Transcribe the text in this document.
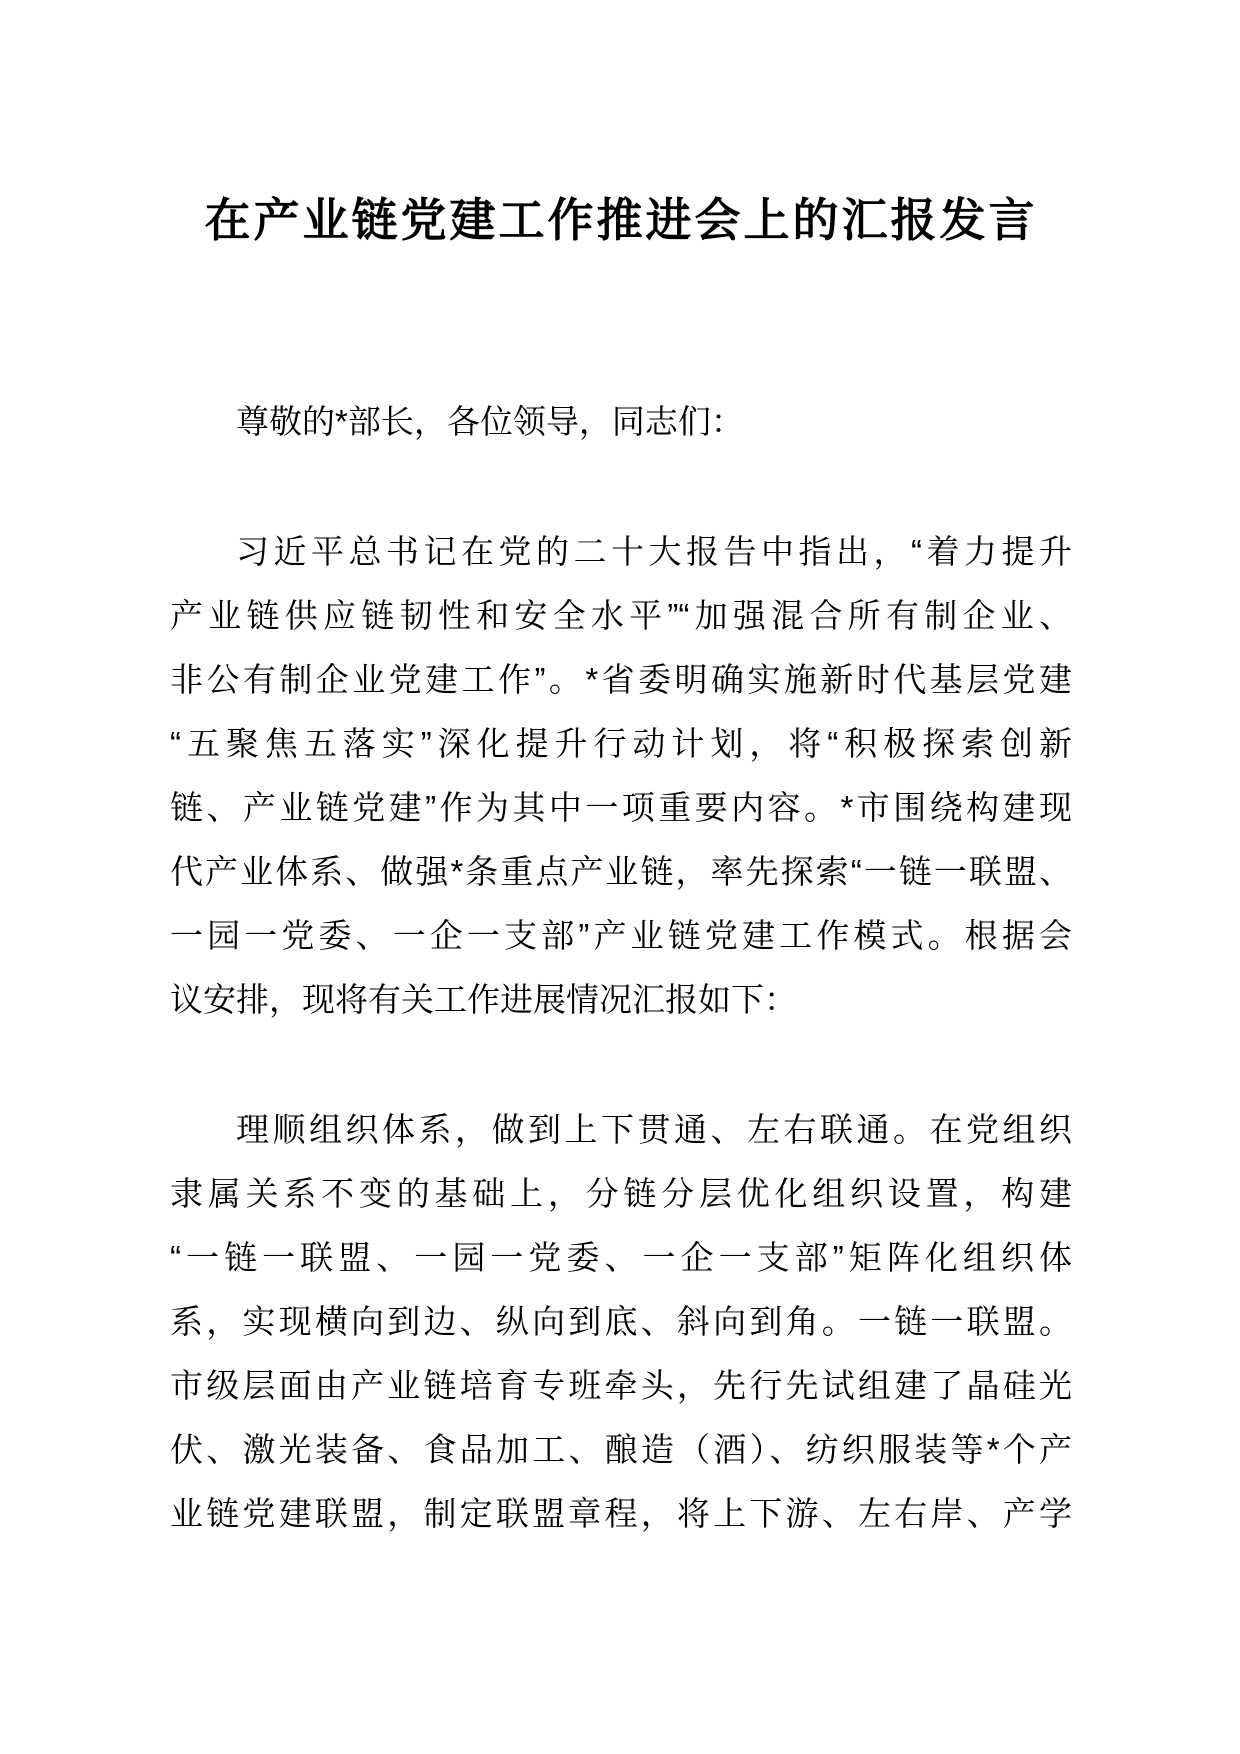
在产业链党建工作推进会上的汇报发言
尊敬的*部长，各位领导，同志们：
习近平总书记在党的二十大报告中指出，“着力提升
产业链供应链韧性和安全水平”“加强混合所有制企业、
非公有制企业党建工作”。*省委明确实施新时代基层党建
“五聚焦五落实”深化提升行动计划，将“积极探索创新
链、产业链党建”作为其中一项重要内容。*市围绕构建现
代产业体系、做强*条重点产业链，率先探索“一链一联盟、
一园一党委、一企一支部”产业链党建工作模式。根据会
议安排，现将有关工作进展情况汇报如下：
理顺组织体系，做到上下贯通、左右联通。在党组织
隶属关系不变的基础上，分链分层优化组织设置，构建
“一链一联盟、一园一党委、一企一支部”矩阵化组织体
系，实现横向到边、纵向到底、斜向到角。一链一联盟。
市级层面由产业链培育专班牵头，先行先试组建了晶硅光
伏、激光装备、食品加工、酿造（酒）、纺织服装等*个产
业链党建联盟，制定联盟章程，将上下游、左右岸、产学
